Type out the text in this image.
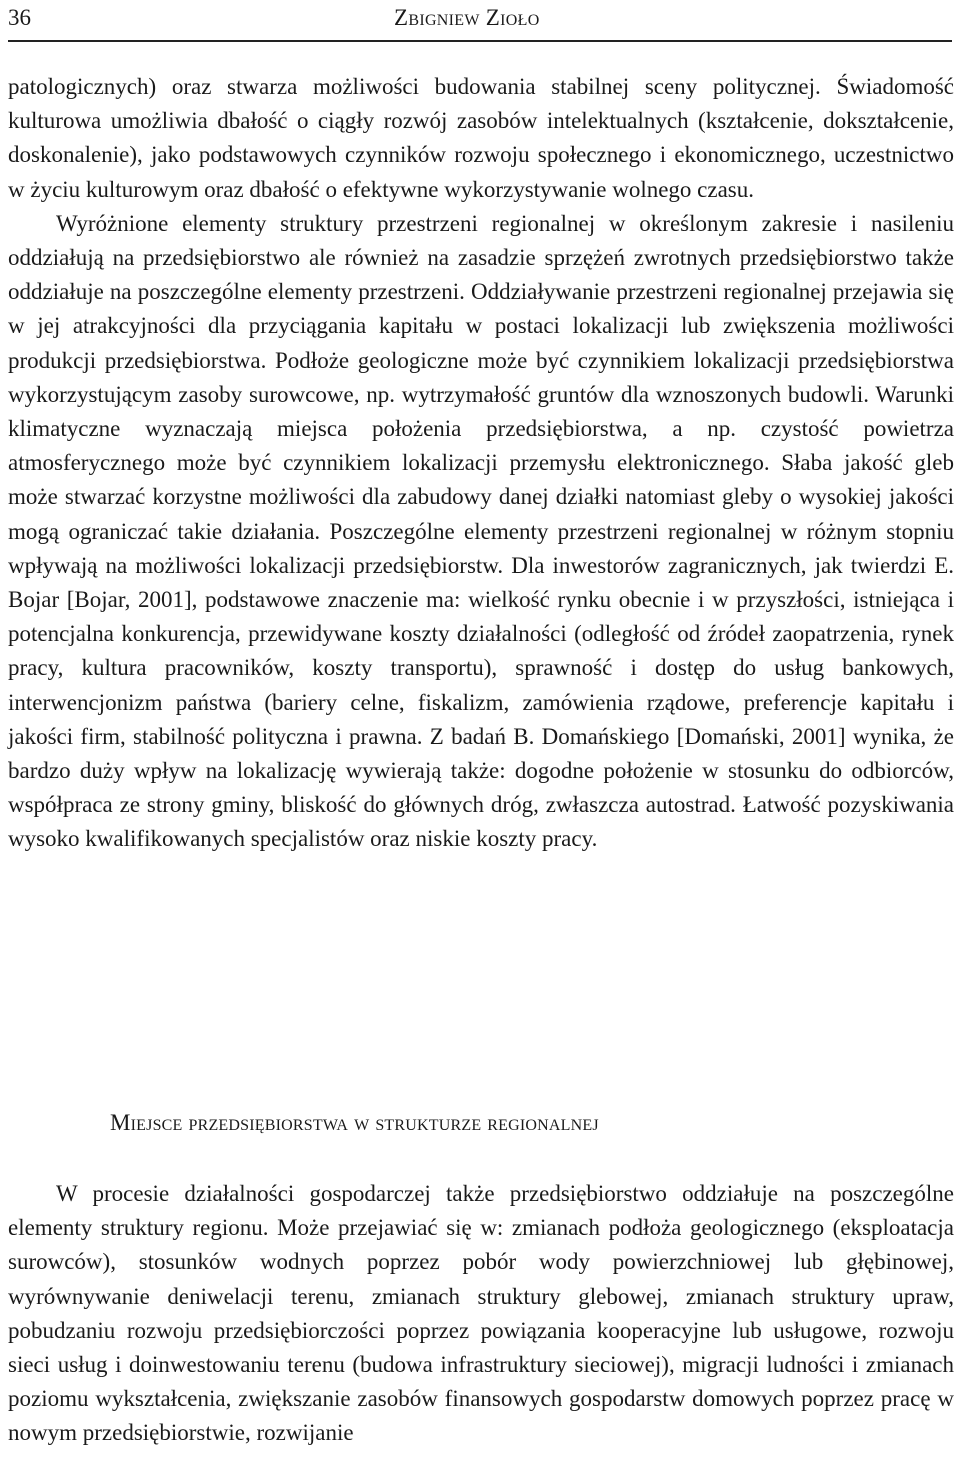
36	Zbigniew Zioło

patologicznych) oraz stwarza możliwości budowania stabilnej sceny politycznej. Świadomość kulturowa umożliwia dbałość o ciągły rozwój zasobów intelektualnych (kształcenie, dokształcenie, doskonalenie), jako podstawowych czynników rozwoju społecznego i ekonomicznego, uczestnictwo w życiu kulturowym oraz dbałość o efektywne wykorzystywanie wolnego czasu.

Wyróżnione elementy struktury przestrzeni regionalnej w określonym zakresie i nasileniu oddziałują na przedsiębiorstwo ale również na zasadzie sprzężeń zwrotnych przedsiębiorstwo także oddziałuje na poszczególne elementy przestrzeni. Oddziaływanie przestrzeni regionalnej przejawia się w jej atrakcyjności dla przyciągania kapitału w postaci lokalizacji lub zwiększenia możliwości produkcji przedsiębiorstwa. Podłoże geologiczne może być czynnikiem lokalizacji przedsiębiorstwa wykorzystującym zasoby surowcowe, np. wytrzymałość gruntów dla wznoszonych budowli. Warunki klimatyczne wyznaczają miejsca położenia przedsiębiorstwa, a np. czystość powietrza atmosferycznego może być czynnikiem lokalizacji przemysłu elektronicznego. Słaba jakość gleb może stwarzać korzystne możliwości dla zabudowy danej działki natomiast gleby o wysokiej jakości mogą ograniczać takie działania. Poszczególne elementy przestrzeni regionalnej w różnym stopniu wpływają na możliwości lokalizacji przedsiębiorstw. Dla inwestorów zagranicznych, jak twierdzi E. Bojar [Bojar, 2001], podstawowe znaczenie ma: wielkość rynku obecnie i w przyszłości, istniejąca i potencjalna konkurencja, przewidywane koszty działalności (odległość od źródeł zaopatrzenia, rynek pracy, kultura pracowników, koszty transportu), sprawność i dostęp do usług bankowych, interwencjonizm państwa (bariery celne, fiskalizm, zamówienia rządowe, preferencje kapitału i jakości firm, stabilność polityczna i prawna. Z badań B. Domańskiego [Domański, 2001] wynika, że bardzo duży wpływ na lokalizację wywierają także: dogodne położenie w stosunku do odbiorców, współpraca ze strony gminy, bliskość do głównych dróg, zwłaszcza autostrad. Łatwość pozyskiwania wysoko kwalifikowanych specjalistów oraz niskie koszty pracy.

Miejsce przedsiębiorstwa w strukturze regionalnej

W procesie działalności gospodarczej także przedsiębiorstwo oddziałuje na poszczególne elementy struktury regionu. Może przejawiać się w: zmianach podłoża geologicznego (eksploatacja surowców), stosunków wodnych poprzez pobór wody powierzchniowej lub głębinowej, wyrównywanie deniwelacji terenu, zmianach struktury glebowej, zmianach struktury upraw, pobudzaniu rozwoju przedsiębiorczości poprzez powiązania kooperacyjne lub usługowe, rozwoju sieci usług i doinwestowaniu terenu (budowa infrastruktury sieciowej), migracji ludności i zmianach poziomu wykształcenia, zwiększanie zasobów finansowych gospodarstw domowych poprzez pracę w nowym przedsiębiorstwie, rozwijanie
